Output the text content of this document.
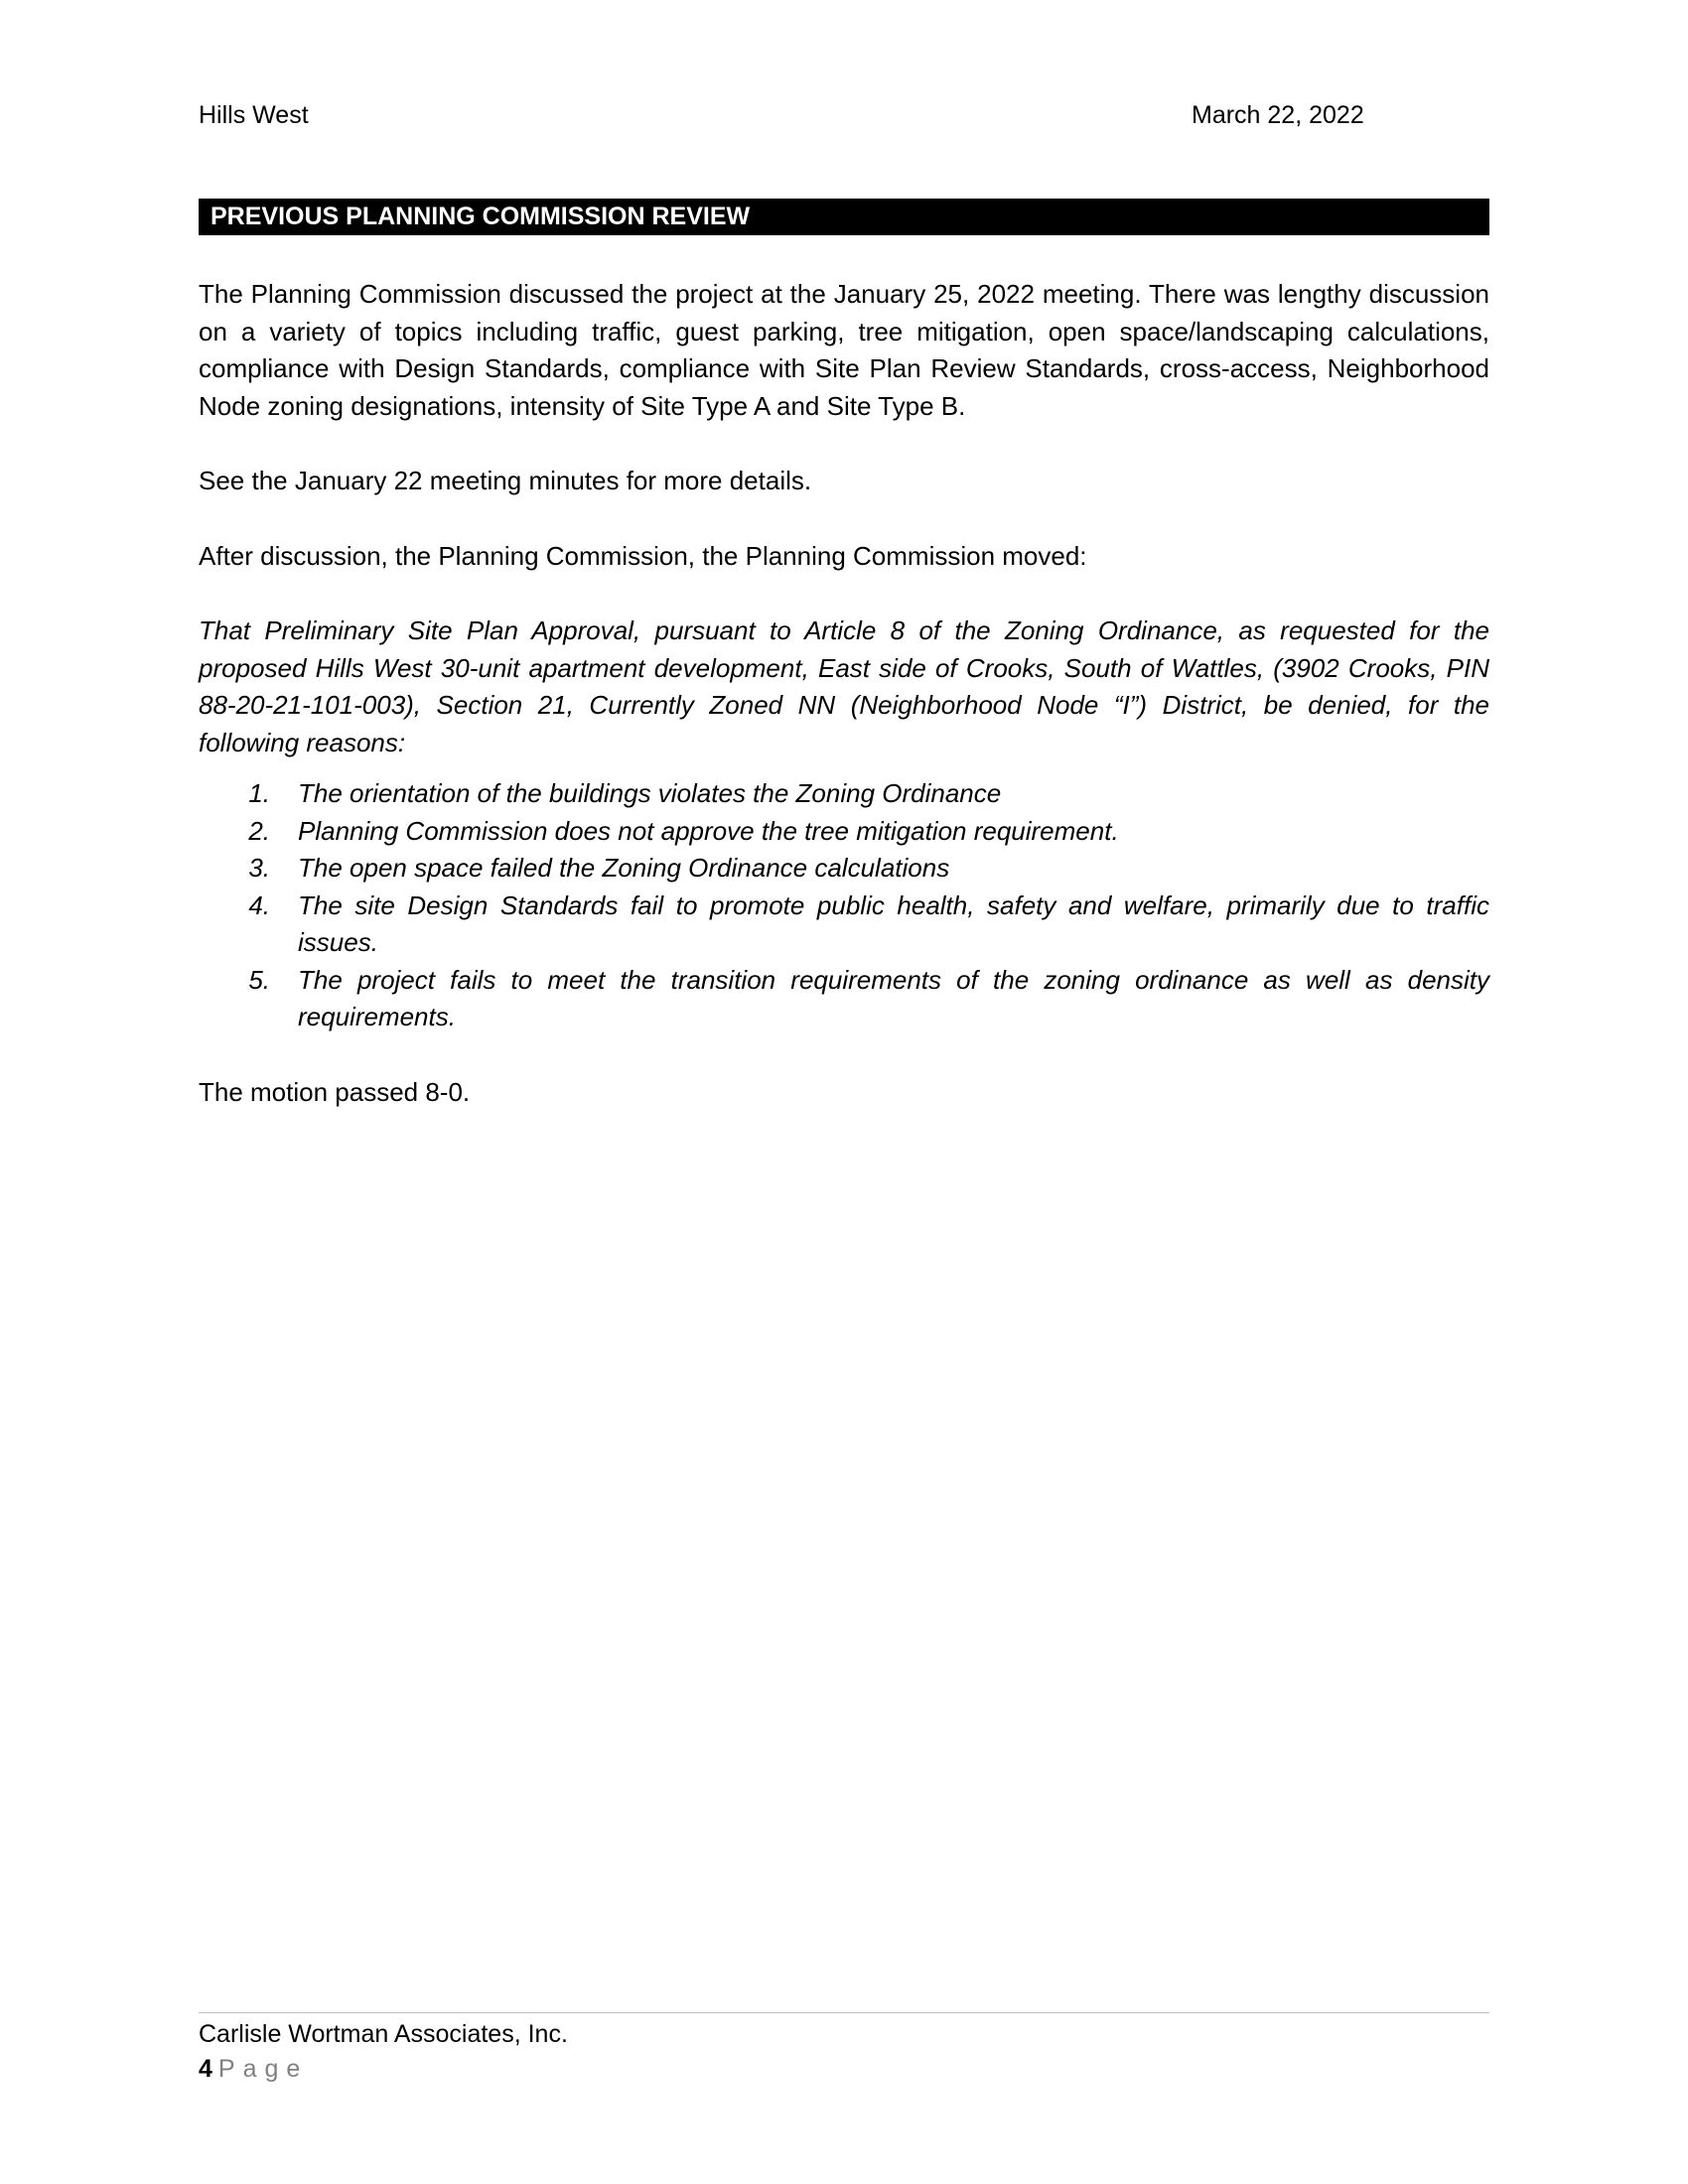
Hills West	March 22, 2022
PREVIOUS PLANNING COMMISSION REVIEW

The Planning Commission discussed the project at the January 25, 2022 meeting. There was lengthy discussion on a variety of topics including traffic, guest parking, tree mitigation, open space/landscaping calculations, compliance with Design Standards, compliance with Site Plan Review Standards, cross-access, Neighborhood Node zoning designations, intensity of Site Type A and Site Type B.

See the January 22 meeting minutes for more details.

After discussion, the Planning Commission, the Planning Commission moved:

That Preliminary Site Plan Approval, pursuant to Article 8 of the Zoning Ordinance, as requested for the proposed Hills West 30-unit apartment development, East side of Crooks, South of Wattles, (3902 Crooks, PIN 88-20-21-101-003), Section 21, Currently Zoned NN (Neighborhood Node “I”) District, be denied, for the following reasons:

1.	The orientation of the buildings violates the Zoning Ordinance
2.	Planning Commission does not approve the tree mitigation requirement.
3.	The open space failed the Zoning Ordinance calculations
4.	The site Design Standards fail to promote public health, safety and welfare, primarily due to traffic issues.
5.	The project fails to meet the transition requirements of the zoning ordinance as well as density requirements.

The motion passed 8-0.

Carlisle Wortman Associates, Inc.
4 Page
